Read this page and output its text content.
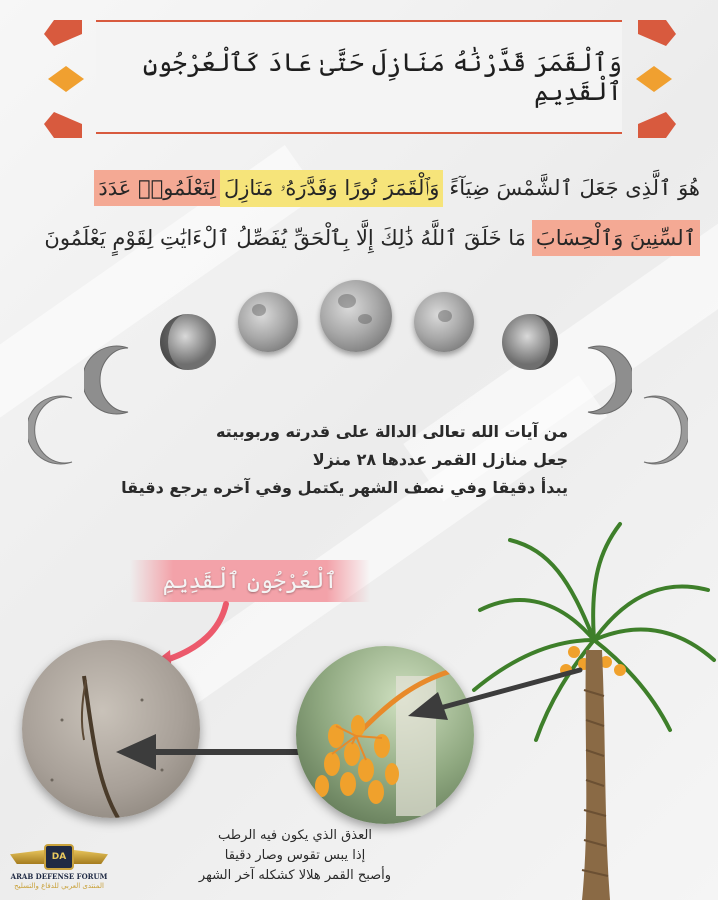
وَٱلْقَمَرَ قَدَّرْنَٰهُ مَنَازِلَ حَتَّىٰ عَادَ كَٱلْعُرْجُونِ ٱلْقَدِيمِ
هُوَ ٱلَّذِى جَعَلَ ٱلشَّمْسَ ضِيَآءً
وَٱلْقَمَرَ نُورًا وَقَدَّرَهُۥ مَنَازِلَ
لِتَعْلَمُوا۟ عَدَدَ
ٱلسِّنِينَ وَٱلْحِسَابَ
مَا خَلَقَ ٱللَّهُ ذَٰلِكَ إِلَّا بِٱلْحَقِّ يُفَصِّلُ ٱلْءَايَٰتِ لِقَوْمٍ يَعْلَمُونَ
من آيات الله تعالى الدالة على قدرته وربوبيته
جعل منازل القمر عددها ٢٨ منزلا
يبدأ دقيقا وفي نصف الشهر يكتمل وفي آخره يرجع دقيقا
ٱلْعُرْجُونِ ٱلْقَدِيمِ
العذق الذي يكون فيه الرطب
إذا يبس تقوس وصار دقيقا
وأصبح القمر هلالا كشكله آخر الشهر
DA
ARAB DEFENSE FORUM
المنتدى العربي للدفاع والتسليح
